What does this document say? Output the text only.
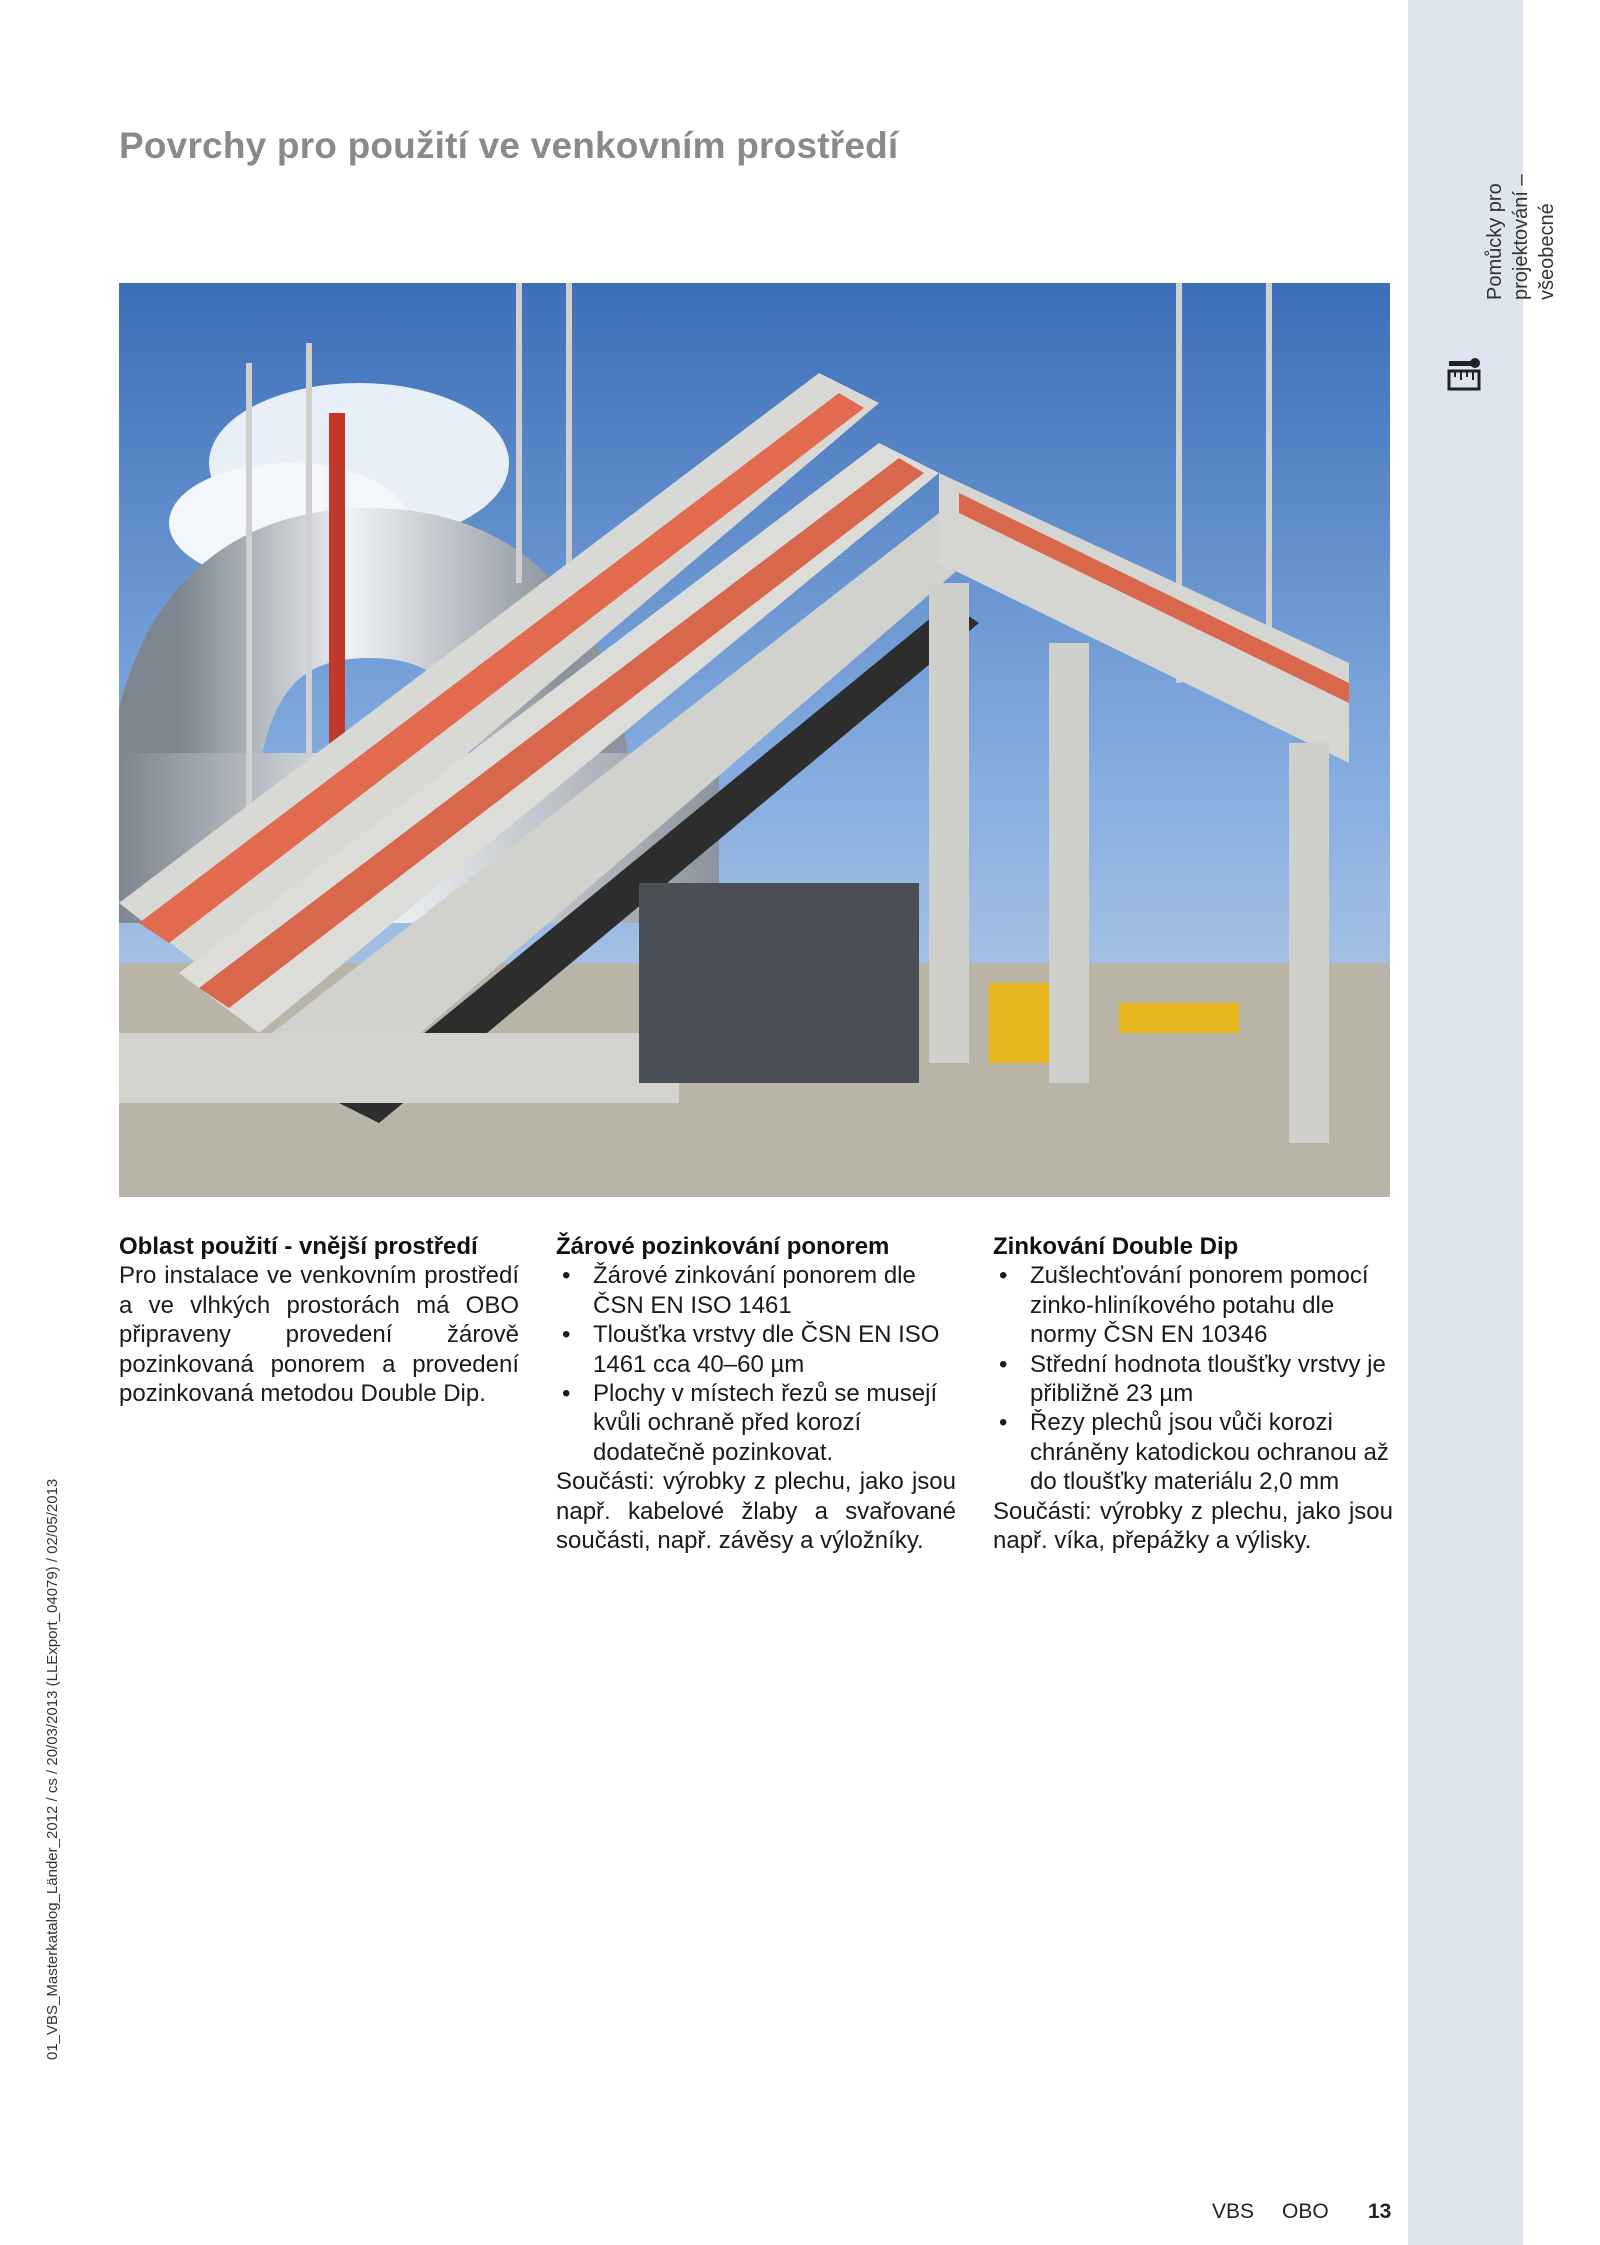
Pomůcky pro projektování – všeobecné
Povrchy pro použití ve venkovním prostředí
Oblast použití - vnější prostředí

Pro instalace ve venkovním prostředí a ve vlhkých prostorách má OBO připraveny provedení žárově pozinkovaná ponorem a provedení pozinkovaná metodou Double Dip.

Žárové pozinkování ponorem
• Žárové zinkování ponorem dle ČSN EN ISO 1461
• Tloušťka vrstvy dle ČSN EN ISO 1461 cca 40–60 µm
• Plochy v místech řezů se musejí kvůli ochraně před korozí dodatečně pozinkovat.

Součásti: výrobky z plechu, jako jsou např. kabelové žlaby a svařované součásti, např. závěsy a výložníky.

Zinkování Double Dip
• Zušlechťování ponorem pomocí zinko-hliníkového potahu dle normy ČSN EN 10346
• Střední hodnota tloušťky vrstvy je přibližně 23 µm
• Řezy plechů jsou vůči korozi chráněny katodickou ochranou až do tloušťky materiálu 2,0 mm

Součásti: výrobky z plechu, jako jsou např. víka, přepážky a výlisky.

01_VBS_Masterkatalog_Länder_2012 / cs / 20/03/2013 (LLExport_04079) / 02/05/2013
VBS OBO 13
